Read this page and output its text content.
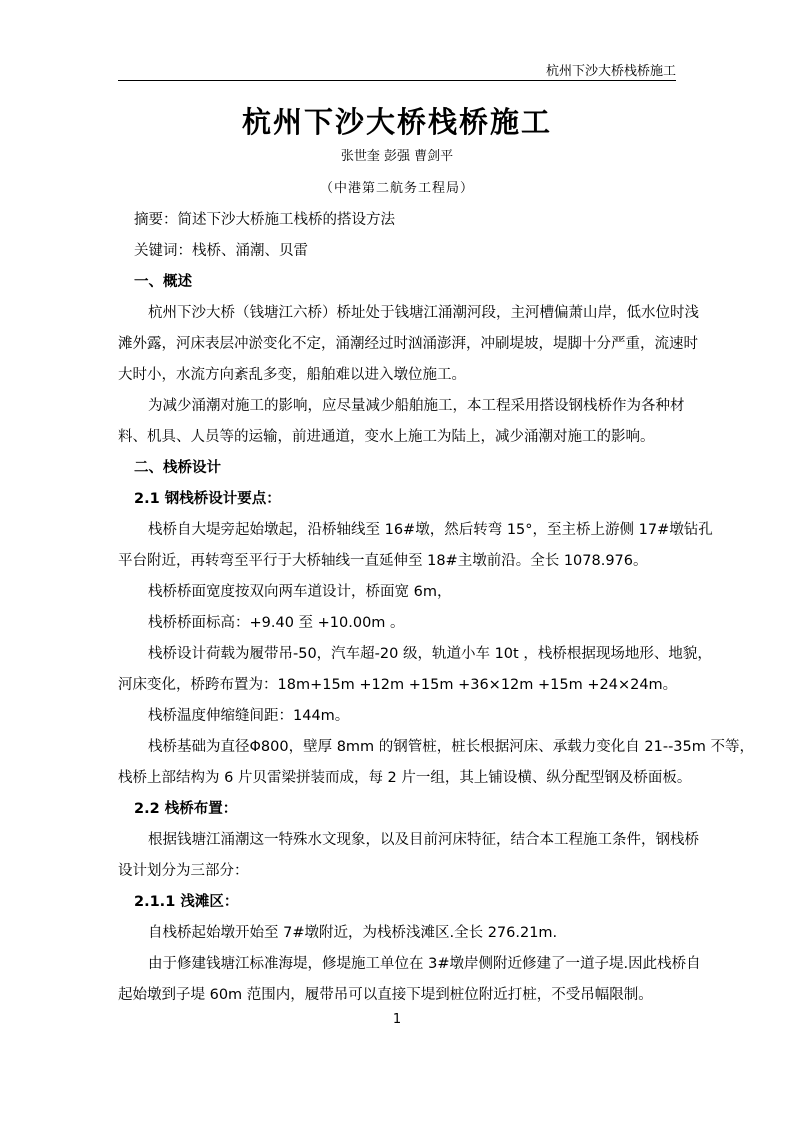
杭州下沙大桥栈桥施工
杭州下沙大桥栈桥施工
张世奎 彭强 曹剑平
（中港第二航务工程局）
摘要：简述下沙大桥施工栈桥的搭设方法
关键词：栈桥、涌潮、贝雷
一、概述
杭州下沙大桥（钱塘江六桥）桥址处于钱塘江涌潮河段，主河槽偏萧山岸，低水位时浅
滩外露，河床表层冲淤变化不定，涌潮经过时汹涌澎湃，冲刷堤坡，堤脚十分严重，流速时
大时小，水流方向紊乱多变，船舶难以进入墩位施工。
为减少涌潮对施工的影响，应尽量减少船舶施工，本工程采用搭设钢栈桥作为各种材
料、机具、人员等的运输，前进通道，变水上施工为陆上，减少涌潮对施工的影响。
二、栈桥设计
2.1 钢栈桥设计要点：
栈桥自大堤旁起始墩起，沿桥轴线至 16#墩，然后转弯 15°，至主桥上游侧 17#墩钻孔
平台附近，再转弯至平行于大桥轴线一直延伸至 18#主墩前沿。全长 1078.976。
栈桥桥面宽度按双向两车道设计，桥面宽 6m，
栈桥桥面标高：+9.40 至 +10.00m 。
栈桥设计荷载为履带吊-50，汽车超-20 级，轨道小车 10t ，栈桥根据现场地形、地貌，
河床变化，桥跨布置为：18m+15m +12m +15m +36×12m +15m +24×24m。
栈桥温度伸缩缝间距：144m。
栈桥基础为直径Φ800，壁厚 8mm 的钢管桩，桩长根据河床、承载力变化自 21--35m 不等，
栈桥上部结构为 6 片贝雷梁拼装而成，每 2 片一组，其上铺设横、纵分配型钢及桥面板。
2.2 栈桥布置：
根据钱塘江涌潮这一特殊水文现象，以及目前河床特征，结合本工程施工条件，钢栈桥
设计划分为三部分：
2.1.1 浅滩区：
自栈桥起始墩开始至 7#墩附近，为栈桥浅滩区.全长 276.21m.
由于修建钱塘江标准海堤，修堤施工单位在 3#墩岸侧附近修建了一道子堤.因此栈桥自
起始墩到子堤 60m 范围内，履带吊可以直接下堤到桩位附近打桩，不受吊幅限制。
1
